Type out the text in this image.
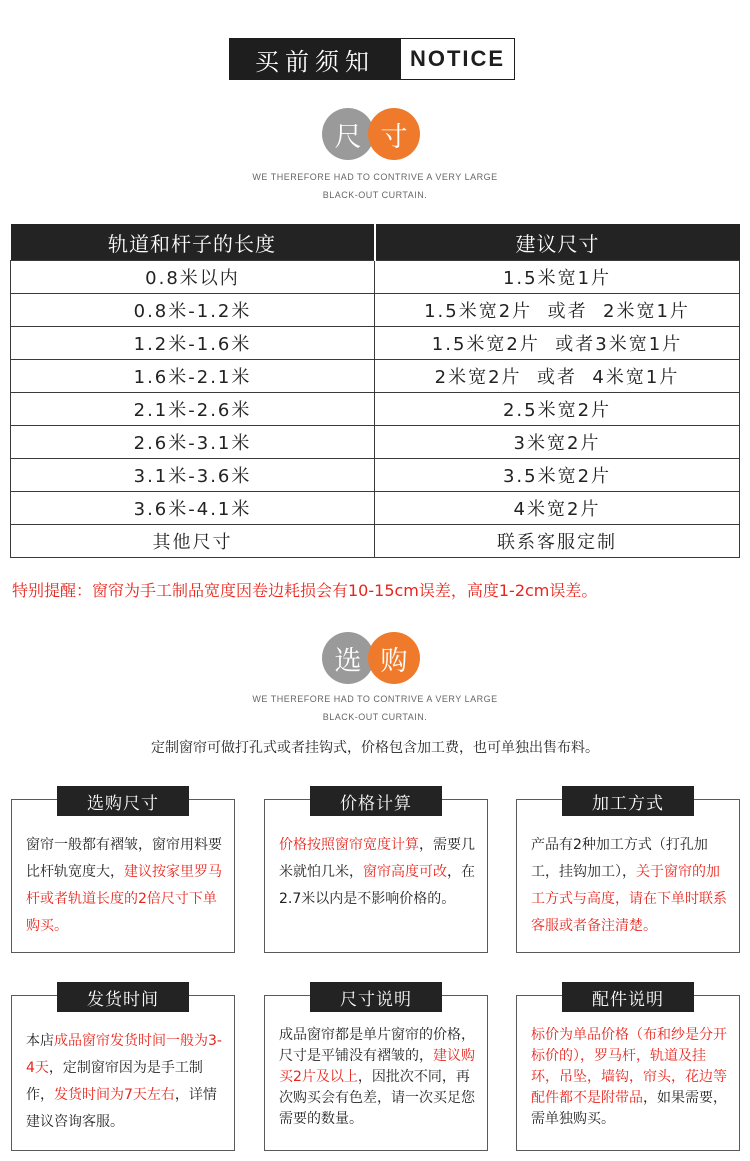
买前须知	NOTICE
尺 寸
WE THEREFORE HAD TO CONTRIVE A VERY LARGE
BLACK-OUT CURTAIN.
轨道和杆子的长度	建议尺寸
0.8米以内	1.5米宽1片
0.8米-1.2米	1.5米宽2片  或者  2米宽1片
1.2米-1.6米	1.5米宽2片  或者3米宽1片
1.6米-2.1米	2米宽2片  或者  4米宽1片
2.1米-2.6米	2.5米宽2片
2.6米-3.1米	3米宽2片
3.1米-3.6米	3.5米宽2片
3.6米-4.1米	4米宽2片
其他尺寸	联系客服定制
特别提醒：窗帘为手工制品宽度因卷边耗损会有10-15cm误差，高度1-2cm误差。
选 购
WE THEREFORE HAD TO CONTRIVE A VERY LARGE
BLACK-OUT CURTAIN.
定制窗帘可做打孔式或者挂钩式，价格包含加工费，也可单独出售布料。
选购尺寸
窗帘一般都有褶皱，窗帘用料要比杆轨宽度大，建议按家里罗马杆或者轨道长度的2倍尺寸下单购买。
价格计算
价格按照窗帘宽度计算，需要几米就怕几米，窗帘高度可改，在2.7米以内是不影响价格的。
加工方式
产品有2种加工方式（打孔加工，挂钩加工），关于窗帘的加工方式与高度，请在下单时联系客服或者备注清楚。
发货时间
本店成品窗帘发货时间一般为3-4天，定制窗帘因为是手工制作，发货时间为7天左右，详情建议咨询客服。
尺寸说明
成品窗帘都是单片窗帘的价格，尺寸是平铺没有褶皱的，建议购买2片及以上，因批次不同，再次购买会有色差，请一次买足您需要的数量。
配件说明
标价为单品价格（布和纱是分开标价的），罗马杆，轨道及挂环，吊坠，墙钩，帘头，花边等配件都不是附带品，如果需要，需单独购买。
